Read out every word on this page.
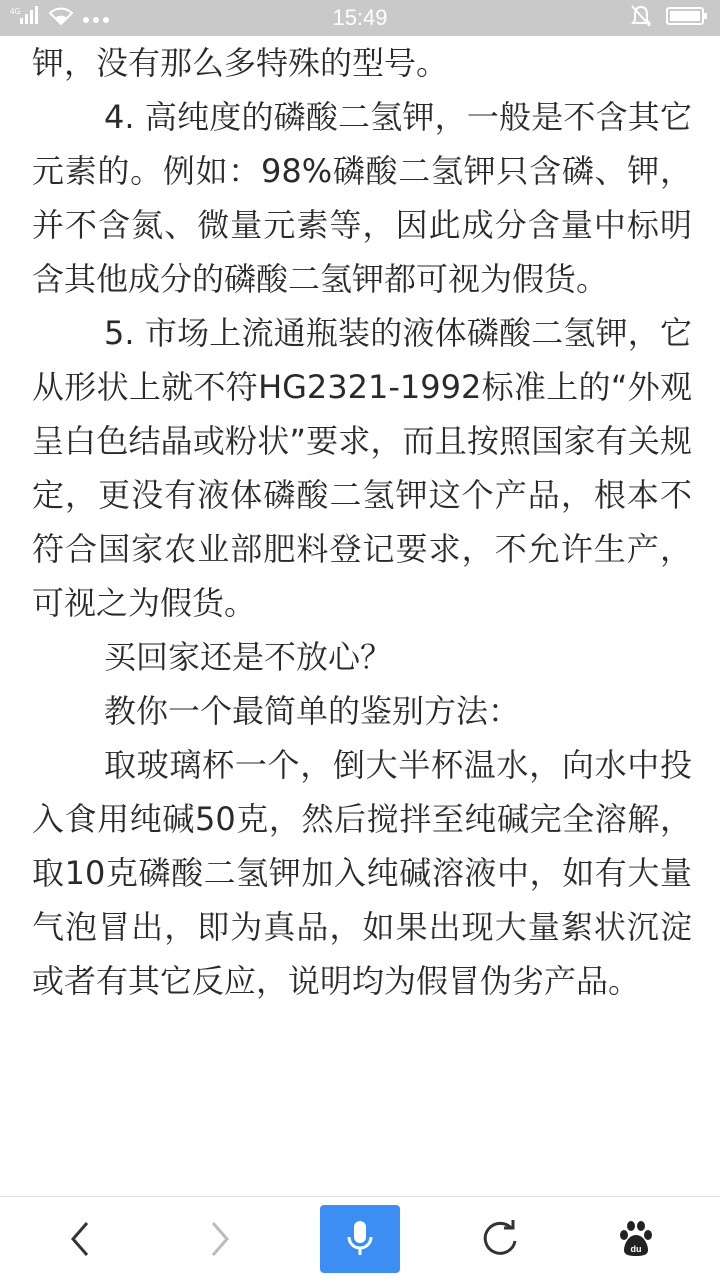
4G	15:49

钾，没有那么多特殊的型号。

4. 高纯度的磷酸二氢钾，一般是不含其它元素的。例如：98%磷酸二氢钾只含磷、钾，并不含氮、微量元素等，因此成分含量中标明含其他成分的磷酸二氢钾都可视为假货。

5. 市场上流通瓶装的液体磷酸二氢钾，它从形状上就不符HG2321-1992标准上的“外观呈白色结晶或粉状”要求，而且按照国家有关规定，更没有液体磷酸二氢钾这个产品，根本不符合国家农业部肥料登记要求，不允许生产，可视之为假货。

买回家还是不放心？

教你一个最简单的鉴别方法：

取玻璃杯一个，倒大半杯温水，向水中投入食用纯碱50克，然后搅拌至纯碱完全溶解，取10克磷酸二氢钾加入纯碱溶液中，如有大量气泡冒出，即为真品，如果出现大量絮状沉淀或者有其它反应，说明均为假冒伪劣产品。

du
